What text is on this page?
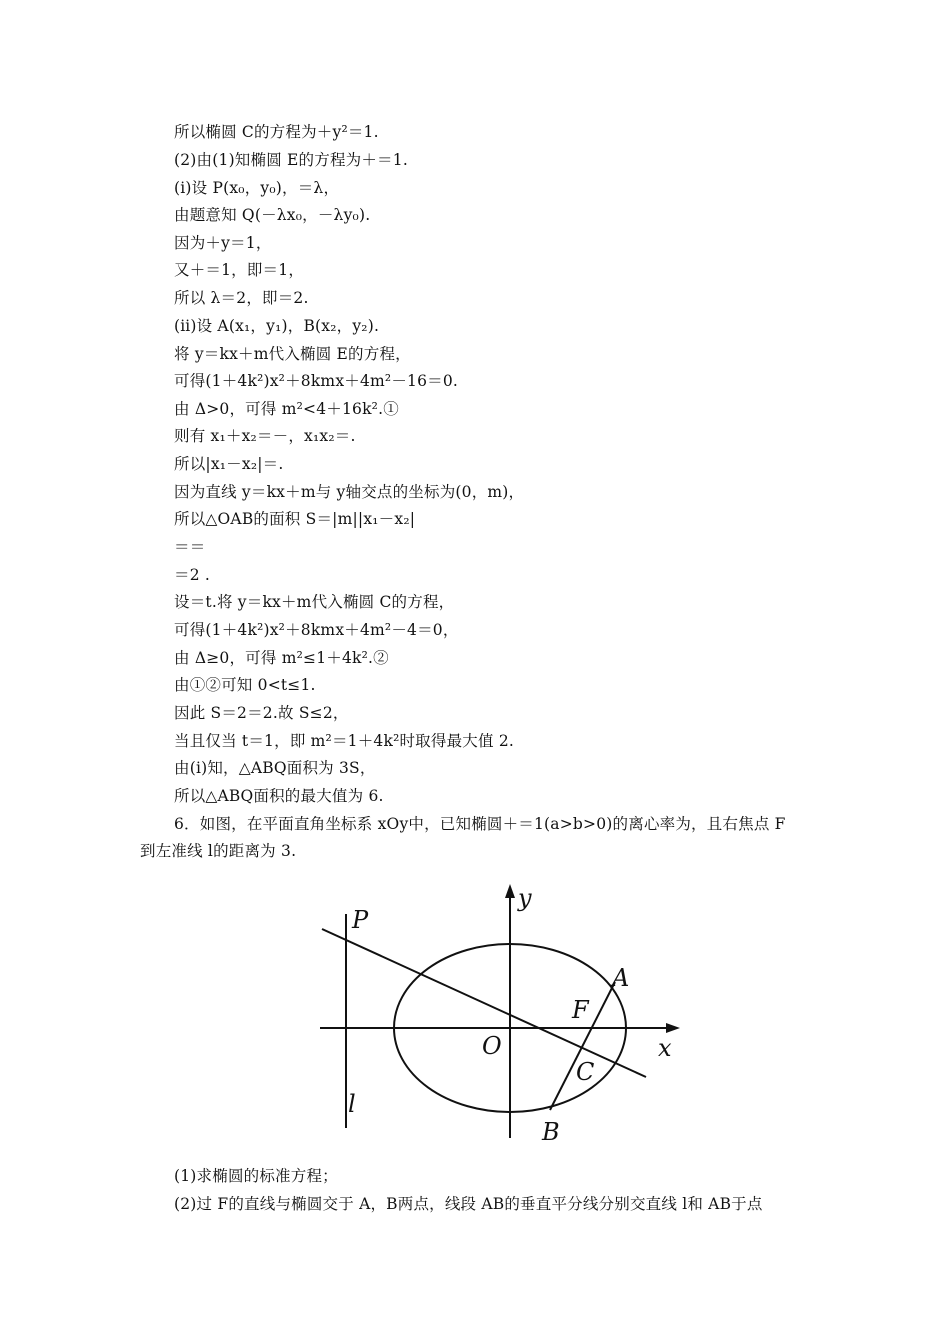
所以椭圆 C的方程为＋y²＝1.
(2)由(1)知椭圆 E的方程为＋＝1.
(ⅰ)设 P(x₀，y₀)，＝λ，
由题意知 Q(－λx₀，－λy₀).
因为＋y＝1，
又＋＝1，即＝1，
所以 λ＝2，即＝2.
(ⅱ)设 A(x₁，y₁)，B(x₂，y₂).
将 y＝kx＋m代入椭圆 E的方程，
可得(1＋4k²)x²＋8kmx＋4m²－16＝0.
由 Δ>0，可得 m²<4＋16k².①
则有 x₁＋x₂＝－，x₁x₂＝.
所以|x₁－x₂|＝.
因为直线 y＝kx＋m与 y轴交点的坐标为(0，m)，
所以△OAB的面积 S＝|m||x₁－x₂|
＝＝
＝2 .
设＝t.将 y＝kx＋m代入椭圆 C的方程，
可得(1＋4k²)x²＋8kmx＋4m²－4＝0，
由 Δ≥0，可得 m²≤1＋4k².②
由①②可知 0<t≤1.
因此 S＝2＝2.故 S≤2，
当且仅当 t＝1，即 m²＝1＋4k²时取得最大值 2.
由(ⅰ)知，△ABQ面积为 3S，
所以△ABQ面积的最大值为 6.
6．如图，在平面直角坐标系 xOy中，已知椭圆＋＝1(a>b>0)的离心率为，且右焦点 F
到左准线 l的距离为 3.
P
y
A
F
O	x
C
l
B
(1)求椭圆的标准方程；
(2)过 F的直线与椭圆交于 A，B两点，线段 AB的垂直平分线分别交直线 l和 AB于点
